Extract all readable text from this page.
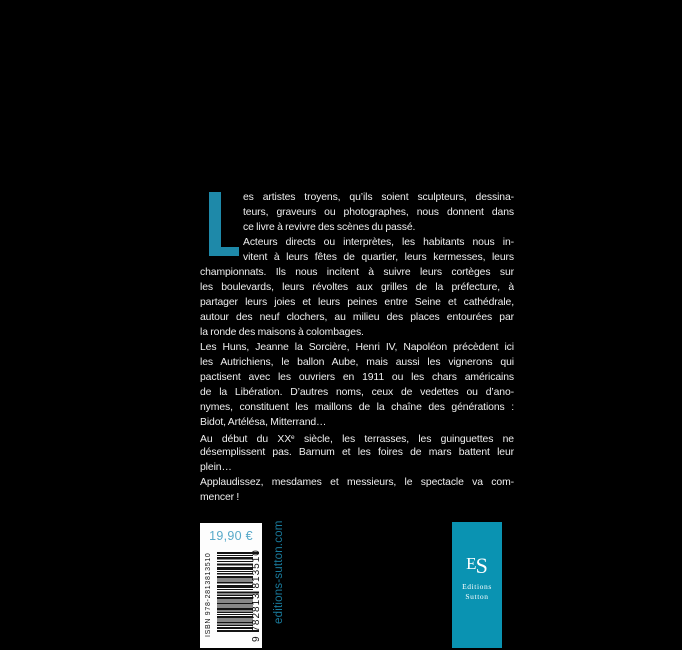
es artistes troyens, qu’ils soient sculpteurs, dessina-
teurs, graveurs ou photographes, nous donnent dans
ce livre à revivre des scènes du passé.
Acteurs directs ou interprètes, les habitants nous in-
vitent à leurs fêtes de quartier, leurs kermesses, leurs
championnats. Ils nous incitent à suivre leurs cortèges sur
les boulevards, leurs révoltes aux grilles de la préfecture, à
partager leurs joies et leurs peines entre Seine et cathédrale,
autour des neuf clochers, au milieu des places entourées par
la ronde des maisons à colombages.
Les Huns, Jeanne la Sorcière, Henri IV, Napoléon précèdent ici
les Autrichiens, le ballon Aube, mais aussi les vignerons qui
pactisent avec les ouvriers en 1911 ou les chars américains
de la Libération. D’autres noms, ceux de vedettes ou d’ano-
nymes, constituent les maillons de la chaîne des générations :
Bidot, Artélésa, Mitterrand…
Au début du XXe siècle, les terrasses, les guinguettes ne
désemplissent pas. Barnum et les foires de mars battent leur
plein…
Applaudissez, mesdames et messieurs, le spectacle va com-
mencer !
19,90 €
ISBN 978-2813813510	9 782813 813510 editions-sutton.com	ES
Editions
Sutton
